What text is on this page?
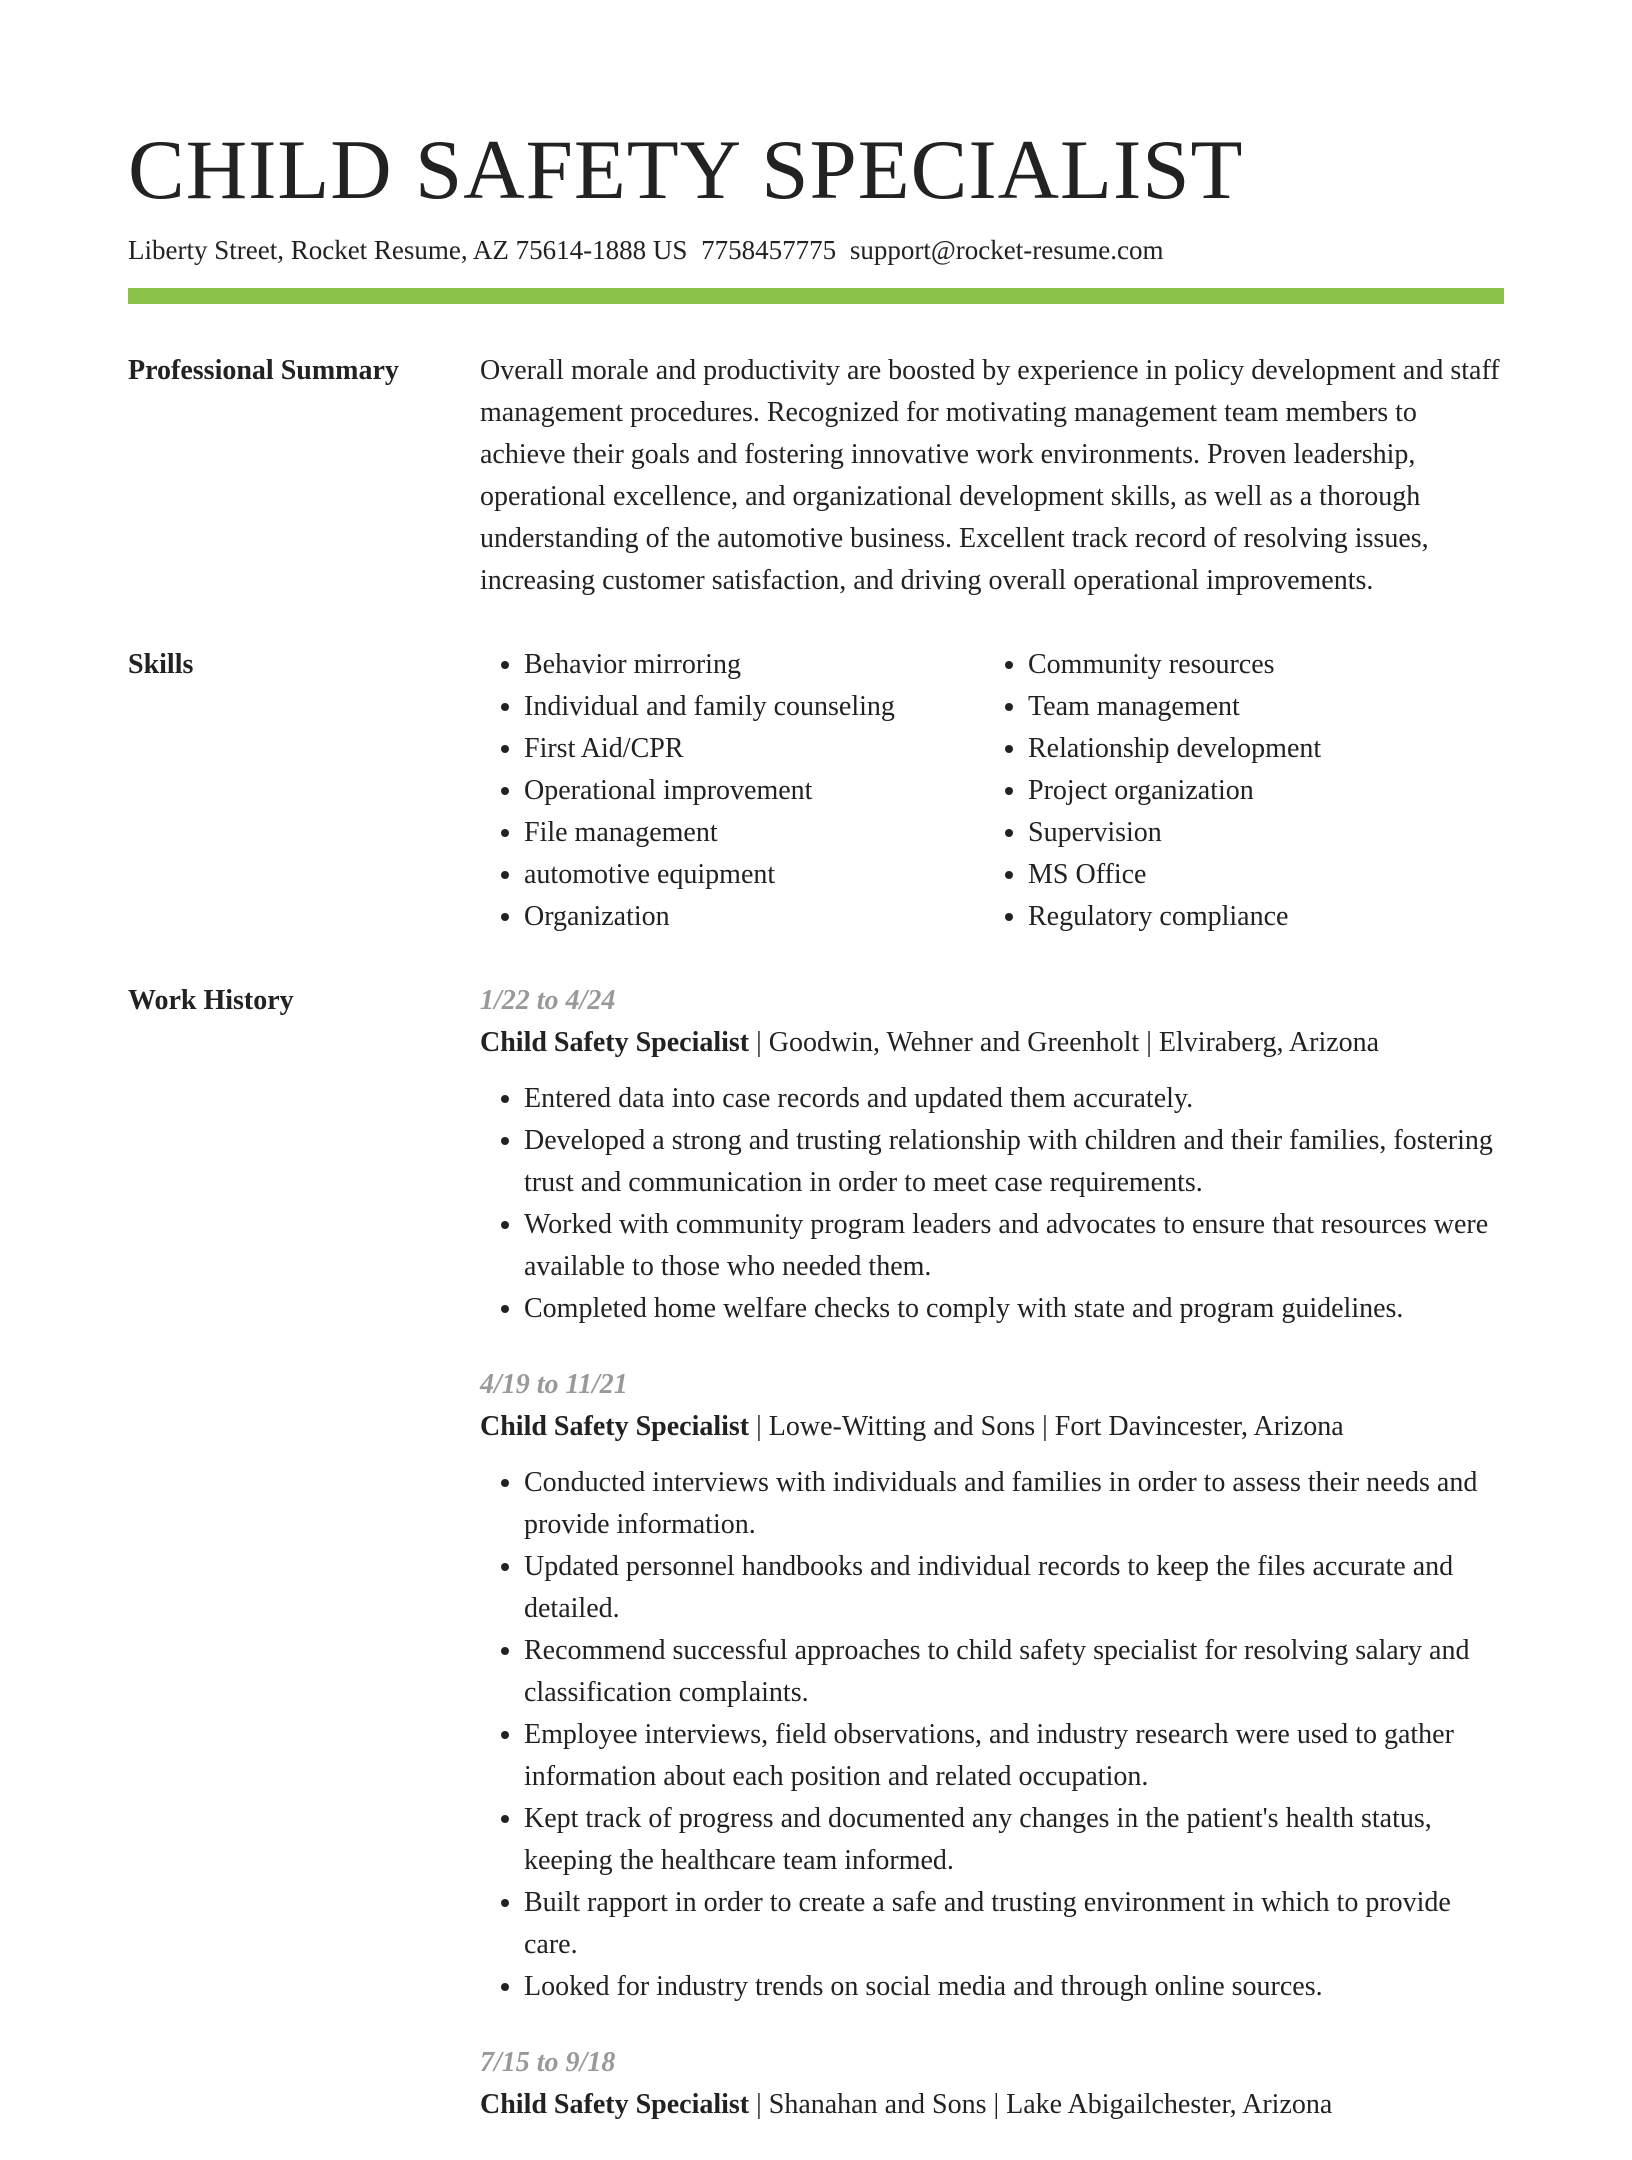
CHILD SAFETY SPECIALIST
Liberty Street, Rocket Resume, AZ 75614-1888 US 7758457775 support@rocket-resume.com
Professional Summary	Overall morale and productivity are boosted by experience in policy development and staff management procedures. Recognized for motivating management team members to achieve their goals and fostering innovative work environments. Proven leadership, operational excellence, and organizational development skills, as well as a thorough understanding of the automotive business. Excellent track record of resolving issues, increasing customer satisfaction, and driving overall operational improvements.

Skills
•	Behavior mirroring
• Individual and family counseling
• First Aid/CPR
• Operational improvement
• File management
• automotive equipment
• Organization
• Community resources
• Team management
• Relationship development
• Project organization
• Supervision
• MS Office
• Regulatory compliance
Work History	1/22 to 4/24
Child Safety Specialist | Goodwin, Wehner and Greenholt | Elviraberg, Arizona
• Entered data into case records and updated them accurately.
• Developed a strong and trusting relationship with children and their families, fostering trust and communication in order to meet case requirements.
• Worked with community program leaders and advocates to ensure that resources were available to those who needed them.
• Completed home welfare checks to comply with state and program guidelines.
4/19 to 11/21
Child Safety Specialist | Lowe-Witting and Sons | Fort Davincester, Arizona
• Conducted interviews with individuals and families in order to assess their needs and provide information.
• Updated personnel handbooks and individual records to keep the files accurate and detailed.
• Recommend successful approaches to child safety specialist for resolving salary and classification complaints.
• Employee interviews, field observations, and industry research were used to gather information about each position and related occupation.
• Kept track of progress and documented any changes in the patient's health status, keeping the healthcare team informed.
• Built rapport in order to create a safe and trusting environment in which to provide care.
• Looked for industry trends on social media and through online sources.
7/15 to 9/18
Child Safety Specialist | Shanahan and Sons | Lake Abigailchester, Arizona
